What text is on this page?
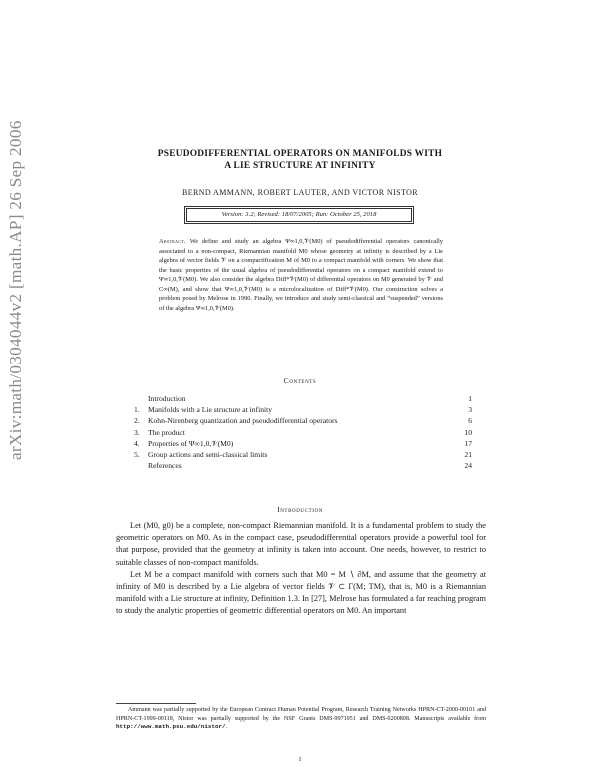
arXiv:math/0304044v2 [math.AP] 26 Sep 2006	PSEUDODIFFERENTIAL OPERATORS ON MANIFOLDS WITH
A LIE STRUCTURE AT INFINITY
BERND AMMANN, ROBERT LAUTER, AND VICTOR NISTOR
Version: 3.2; Revised: 18/07/2005; Run: October 25, 2018
Abstract. We define and study an algebra Ψ∞1,0,𝒱(M0) of pseudodifferential operators canonically associated to a non-compact, Riemannian manifold M0 whose geometry at infinity is described by a Lie algebra of vector fields 𝒱 on a compactification M of M0 to a compact manifold with corners. We show that the basic properties of the usual algebra of pseudodifferential operators on a compact manifold extend to Ψ∞1,0,𝒱(M0). We also consider the algebra Diff*𝒱(M0) of differential operators on M0 generated by 𝒱 and C∞(M), and show that Ψ∞1,0,𝒱(M0) is a microlocalization of Diff*𝒱(M0). Our construction solves a problem posed by Melrose in 1990. Finally, we introduce and study semi-classical and “suspended” versions of the algebra Ψ∞1,0,𝒱(M0).
Contents
Introduction	1
1. Manifolds with a Lie structure at infinity	3
2. Kohn-Nirenberg quantization and pseudodifferential operators	6
3. The product	10
4. Properties of Ψ∞1,0,𝒱(M0)	17
5. Group actions and semi-classical limits	21
References	24
Introduction

Let (M0, g0) be a complete, non-compact Riemannian manifold. It is a fundamental problem to study the geometric operators on M0. As in the compact case, pseudodifferential operators provide a powerful tool for that purpose, provided that the geometry at infinity is taken into account. One needs, however, to restrict to suitable classes of non-compact manifolds.

Let M be a compact manifold with corners such that M0 = M ∖ ∂M, and assume that the geometry at infinity of M0 is described by a Lie algebra of vector fields 𝒱 ⊂ Γ(M; TM), that is, M0 is a Riemannian manifold with a Lie structure at infinity, Definition 1.3. In [27], Melrose has formulated a far reaching program to study the analytic properties of geometric differential operators on M0. An important

Ammann was partially supported by the European Contract Human Potential Program, Research Training Networks HPRN-CT-2000-00101 and HPRN-CT-1999-00118, Nistor was partially supported by the NSF Grants DMS-9971951 and DMS-0200808. Manuscripts available from http://www.math.psu.edu/nistor/.
1
